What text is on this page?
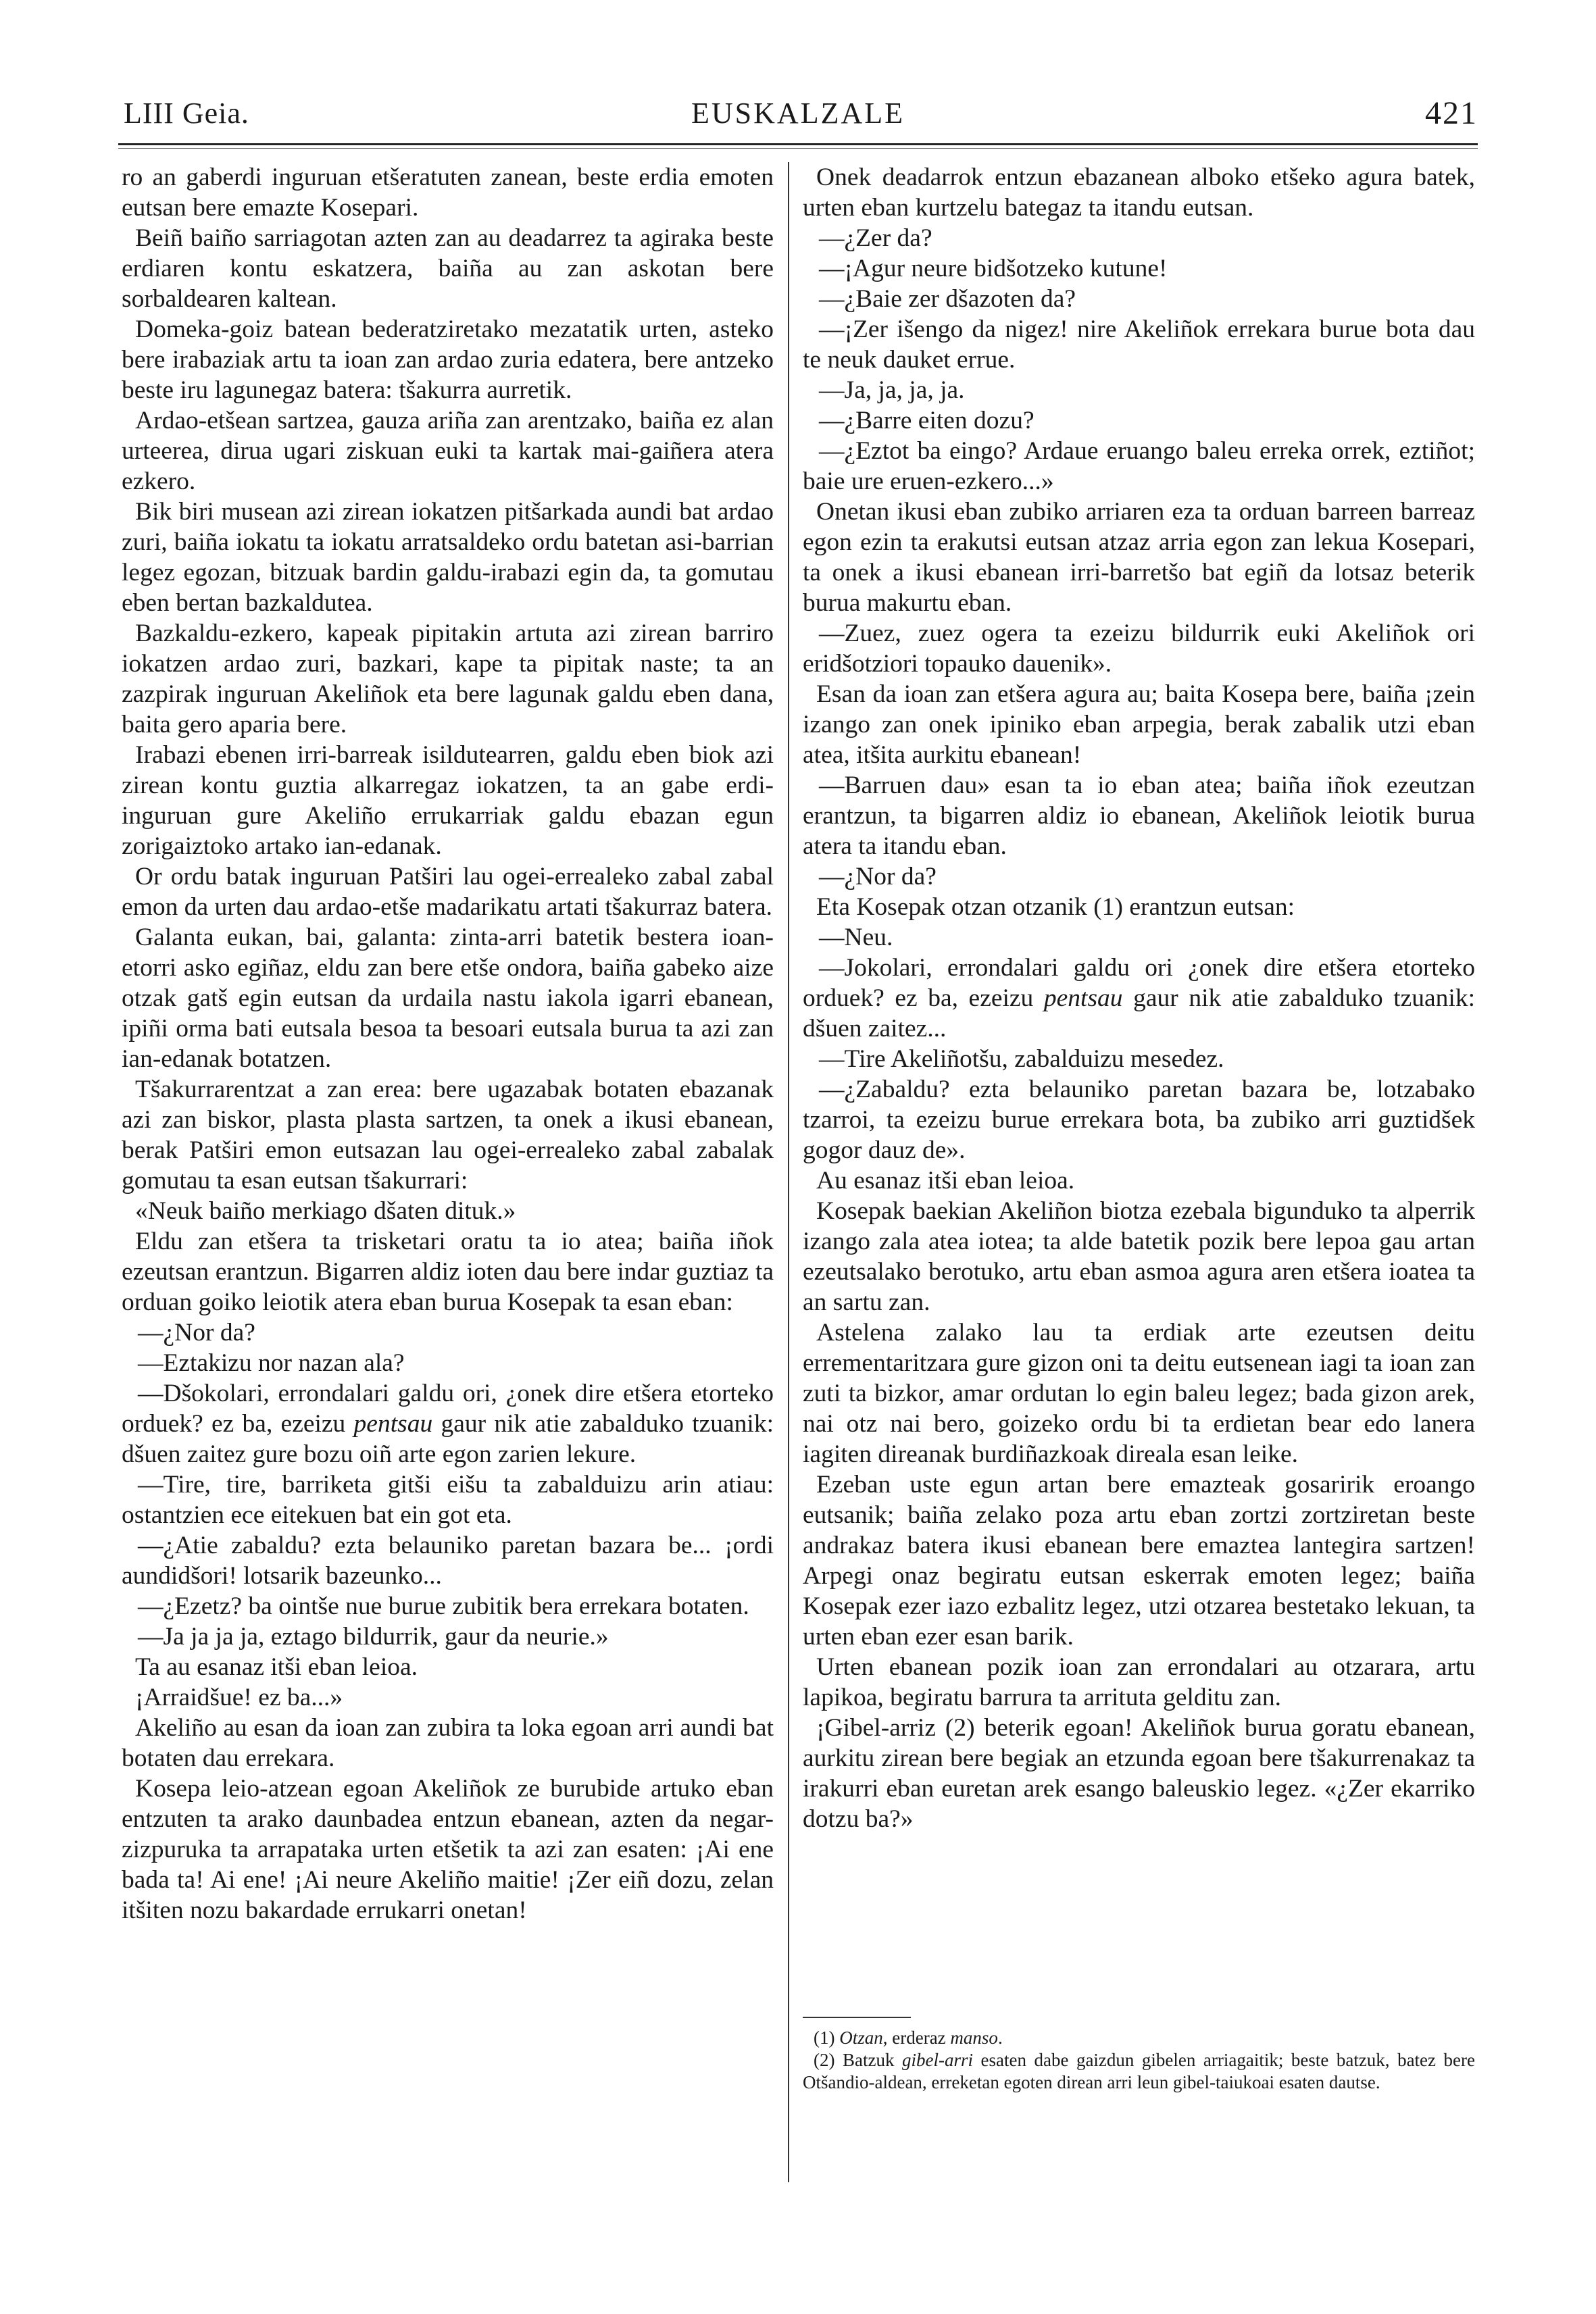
LIII Geia.	EUSKALZALE	421

ro an gaberdi inguruan etšeratuten zanean, beste erdia emoten eutsan bere emazte Kosepari.

Beiñ baiño sarriagotan azten zan au deadarrez ta agiraka beste erdiaren kontu eskatzera, baiña au zan askotan bere sorbaldearen kaltean.

Domeka-goiz batean bederatziretako mezatatik urten, asteko bere irabaziak artu ta ioan zan ardao zuria edatera, bere antzeko beste iru lagunegaz batera: tšakurra aurretik.

Ardao-etšean sartzea, gauza ariña zan arentzako, baiña ez alan urteerea, dirua ugari ziskuan euki ta kartak mai-gaiñera atera ezkero.

Bik biri musean azi zirean iokatzen pitšarkada aundi bat ardao zuri, baiña iokatu ta iokatu arratsaldeko ordu batetan asi-barrian legez egozan, bitzuak bardin galdu-irabazi egin da, ta gomutau eben bertan bazkaldutea.

Bazkaldu-ezkero, kapeak pipitakin artuta azi zirean barriro iokatzen ardao zuri, bazkari, kape ta pipitak naste; ta an zazpirak inguruan Akeliñok eta bere lagunak galdu eben dana, baita gero aparia bere.

Irabazi ebenen irri-barreak isildutearren, galdu eben biok azi zirean kontu guztia alkarregaz iokatzen, ta an gabe erdi-inguruan gure Akeliño errukarriak galdu ebazan egun zorigaiztoko artako ian-edanak.

Or ordu batak inguruan Patširi lau ogei-errealeko zabal zabal emon da urten dau ardao-etše madarikatu artati tšakurraz batera.

Galanta eukan, bai, galanta: zinta-arri batetik bestera ioan-etorri asko egiñaz, eldu zan bere etše ondora, baiña gabeko aize otzak gatš egin eutsan da urdaila nastu iakola igarri ebanean, ipiñi orma bati eutsala besoa ta besoari eutsala burua ta azi zan ian-edanak botatzen.

Tšakurrarentzat a zan erea: bere ugazabak botaten ebazanak azi zan biskor, plasta plasta sartzen, ta onek a ikusi ebanean, berak Patširi emon eutsazan lau ogei-errealeko zabal zabalak gomutau ta esan eutsan tšakurrari:

«Neuk baiño merkiago dšaten dituk.»

Eldu zan etšera ta trisketari oratu ta io atea; baiña iñok ezeutsan erantzun. Bigarren aldiz ioten dau bere indar guztiaz ta orduan goiko leiotik atera eban burua Kosepak ta esan eban:

—¿Nor da?

—Eztakizu nor nazan ala?

—Dšokolari, errondalari galdu ori, ¿onek dire etšera etorteko orduek? ez ba, ezeizu pentsau gaur nik atie zabalduko tzuanik: dšuen zaitez gure bozu oiñ arte egon zarien lekure.

—Tire, tire, barriketa gitši eišu ta zabalduizu arin atiau: ostantzien ece eitekuen bat ein got eta.

—¿Atie zabaldu? ezta belauniko paretan bazara be... ¡ordi aundidšori! lotsarik bazeunko...

—¿Ezetz? ba ointše nue burue zubitik bera errekara botaten.

—Ja ja ja ja, eztago bildurrik, gaur da neurie.»

Ta au esanaz itši eban leioa.

¡Arraidšue! ez ba...»

Akeliño au esan da ioan zan zubira ta loka egoan arri aundi bat botaten dau errekara.

Kosepa leio-atzean egoan Akeliñok ze burubide artuko eban entzuten ta arako daunbadea entzun ebanean, azten da negar-zizpuruka ta arrapataka urten etšetik ta azi zan esaten: ¡Ai ene bada ta! Ai ene! ¡Ai neure Akeliño maitie! ¡Zer eiñ dozu, zelan itšiten nozu bakardade errukarri onetan!

Onek deadarrok entzun ebazanean alboko etšeko agura batek, urten eban kurtzelu bategaz ta itandu eutsan.

—¿Zer da?

—¡Agur neure bidšotzeko kutune!

—¿Baie zer dšazoten da?

—¡Zer išengo da nigez! nire Akeliñok errekara burue bota dau te neuk dauket errue.

—Ja, ja, ja, ja.

—¿Barre eiten dozu?

—¿Eztot ba eingo? Ardaue eruango baleu erreka orrek, eztiñot; baie ure eruen-ezkero...»

Onetan ikusi eban zubiko arriaren eza ta orduan barreen barreaz egon ezin ta erakutsi eutsan atzaz arria egon zan lekua Kosepari, ta onek a ikusi ebanean irri-barretšo bat egiñ da lotsaz beterik burua makurtu eban.

—Zuez, zuez ogera ta ezeizu bildurrik euki Akeliñok ori eridšotziori topauko dauenik».

Esan da ioan zan etšera agura au; baita Kosepa bere, baiña ¡zein izango zan onek ipiniko eban arpegia, berak zabalik utzi eban atea, itšita aurkitu ebanean!

—Barruen dau» esan ta io eban atea; baiña iñok ezeutzan erantzun, ta bigarren aldiz io ebanean, Akeliñok leiotik burua atera ta itandu eban.

—¿Nor da?

Eta Kosepak otzan otzanik (1) erantzun eutsan:

—Neu.

—Jokolari, errondalari galdu ori ¿onek dire etšera etorteko orduek? ez ba, ezeizu pentsau gaur nik atie zabalduko tzuanik: dšuen zaitez...

—Tire Akeliñotšu, zabalduizu mesedez.

—¿Zabaldu? ezta belauniko paretan bazara be, lotzabako tzarroi, ta ezeizu burue errekara bota, ba zubiko arri guztidšek gogor dauz de».

Au esanaz itši eban leioa.

Kosepak baekian Akeliñon biotza ezebala bigunduko ta alperrik izango zala atea iotea; ta alde batetik pozik bere lepoa gau artan ezeutsalako berotuko, artu eban asmoa agura aren etšera ioatea ta an sartu zan.

Astelena zalako lau ta erdiak arte ezeutsen deitu errementaritzara gure gizon oni ta deitu eutsenean iagi ta ioan zan zuti ta bizkor, amar ordutan lo egin baleu legez; bada gizon arek, nai otz nai bero, goizeko ordu bi ta erdietan bear edo lanera iagiten direanak burdiñazkoak direala esan leike.

Ezeban uste egun artan bere emazteak gosaririk eroango eutsanik; baiña zelako poza artu eban zortzi zortziretan beste andrakaz batera ikusi ebanean bere emaztea lantegira sartzen! Arpegi onaz begiratu eutsan eskerrak emoten legez; baiña Kosepak ezer iazo ezbalitz legez, utzi otzarea bestetako lekuan, ta urten eban ezer esan barik.

Urten ebanean pozik ioan zan errondalari au otzarara, artu lapikoa, begiratu barrura ta arrituta gelditu zan.

¡Gibel-arriz (2) beterik egoan! Akeliñok burua goratu ebanean, aurkitu zirean bere begiak an etzunda egoan bere tšakurrenakaz ta irakurri eban euretan arek esango baleuskio legez. «¿Zer ekarriko dotzu ba?»

(1) Otzan, erderaz manso.

(2) Batzuk gibel-arri esaten dabe gaizdun gibelen arriagaitik; beste batzuk, batez bere Otšandio-aldean, erreketan egoten direan arri leun gibel-taiukoai esaten dautse.
